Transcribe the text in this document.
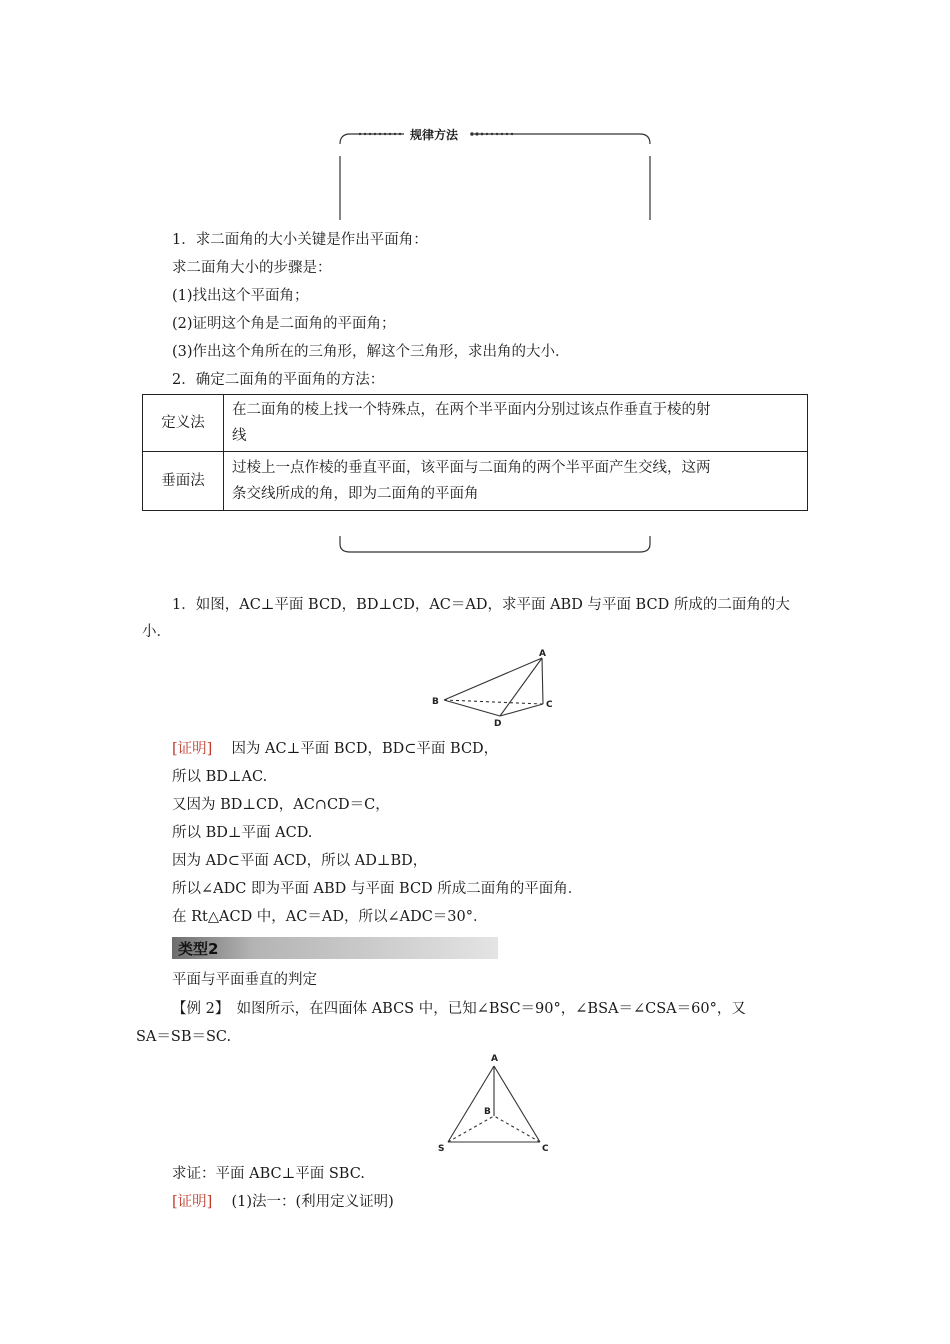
规律方法
1．求二面角的大小关键是作出平面角：
求二面角大小的步骤是：
(1)找出这个平面角；
(2)证明这个角是二面角的平面角；
(3)作出这个角所在的三角形，解这个三角形，求出角的大小．
2．确定二面角的平面角的方法：
定义法	在二面角的棱上找一个特殊点，在两个半平面内分别过该点作垂直于棱的射
线

垂面法	过棱上一点作棱的垂直平面，该平面与二面角的两个半平面产生交线，这两
条交线所成的角，即为二面角的平面角
1．如图，AC⊥平面 BCD，BD⊥CD，AC＝AD，求平面 ABD 与平面 BCD 所成的二面角的大
小．
A
B	C
D
[证明]　 因为 AC⊥平面 BCD，BD⊂平面 BCD，
所以 BD⊥AC.
又因为 BD⊥CD，AC∩CD＝C，
所以 BD⊥平面 ACD.
因为 AD⊂平面 ACD，所以 AD⊥BD，
所以∠ADC 即为平面 ABD 与平面 BCD 所成二面角的平面角．
在 Rt△ACD 中，AC＝AD，所以∠ADC＝30°．
类型2
平面与平面垂直的判定
【例 2】　如图所示，在四面体 ABCS 中，已知∠BSC＝90°，∠BSA＝∠CSA＝60°，又
SA＝SB＝SC.
A
B
S	C
求证：平面 ABC⊥平面 SBC.
[证明]　 (1)法一：(利用定义证明)
